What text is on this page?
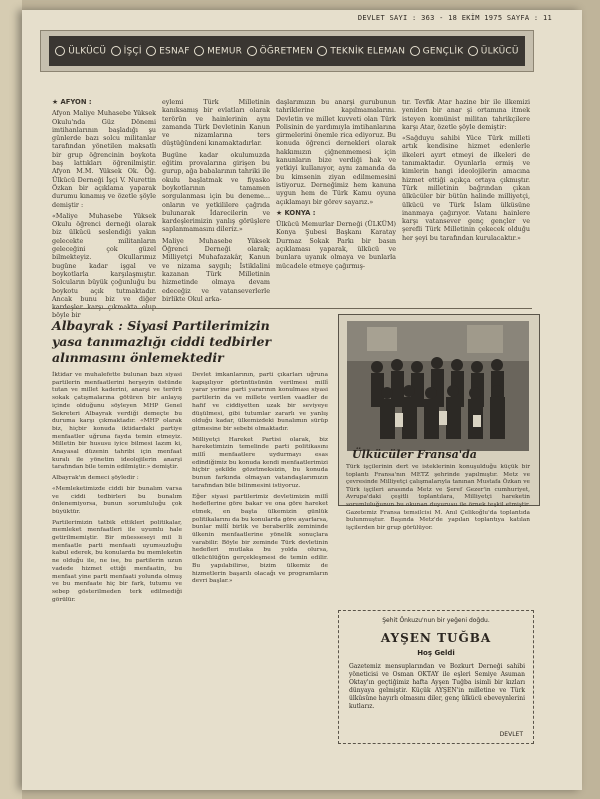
DEVLET SAYI : 363 - 18 EKİM 1975 SAYFA : 11
ÜLKÜCÜ	İŞÇİ	ESNAF	MEMUR	ÖĞRETMEN	TEKNİK ELEMAN	GENÇLİK	ÜLKÜCÜ
★ AFYON :

Afyon Maliye Muhasebe Yüksek Okulu'nda Güz Dönemi imtihanlarının başladığı şu günlerde bazı solcu militanlar tarafından yönetilen maksatlı bir grup öğrencinin boykota baş lattıkları öğrenilmiştir. Afyon M.M. Yüksek Ok. Öğ. Ülkücü Derneği İşçi V. Nurettin Özkan bir açıklama yaparak durumu kınamış ve özetle şöyle demiştir :

«Maliye Muhasebe Yüksek Okulu öğrenci derneği olarak biz ülkücü seslendiği yakın gelecekte militanların geleceğini çok güzel bilmekteyiz. Okullarımız bugüne kadar işgal ve boykotlarla karşılaşmıştır. Solcuların büyük çoğunluğu bu boykotu açık tutmaktadır. Ancak bunu biz ve diğer böyle bir

eylemi Türk Milletinin kanıksamış bir evlatları olarak terörün ve hainlerinin aynı zamanda Türk Devletinin Kanun ve nizamlarına ters düştüğündeni kınamaktadırlar.

Bugüne kadar okulumuzda eğitim provalarına girişen bu gurup, ağa babalarının tahriki ile okulu başlatmak ve fiyasko boykotlarının tamamen sorgulanması için bu deneme... onların ve yetkililere çağrıda bulunarak İdarecilerin ve kardeşlerimizin yanlış görüşlere saplanmamasını dileriz.»

Maliye Muhasebe Yüksek Öğrenci Derneği olarak; Milliyetçi Muhafazakâr, Kanun ve nizama saygılı; İstiklalini kazanan Türk Milletinin hizmetinde olmaya devam edeceğiz ve vatanseverlerle birlikte Okul arka-

daşlarımızın bu anarşi gurubunun tahriklerine kapılmamalarını. Devletin ve millet kuvveti olan Türk Polisinin de yardımıyla imtihanlarına girmelerini önemle rica ediyoruz. Bu konuda öğrenci dernekleri olarak hakkımızın çiğnenmemesi için kanunların bize verdiği hak ve yetkiyi kullanıyor, aynı zamanda da bu kimsenin ziyan edilmemesini istiyoruz. Derneğimiz hem kanuna uygun hem de Türk Kamu oyuna açıklamayı bir görev sayarız.»

★ KONYA :

Ülkücü Memurlar Derneği (ÜLKÜM) Konya Şubesi Başkanı Karatay Durmaz Sokak Parkı bir basın açıklaması yaparak, ülkücü ve bunlara uyanık olmaya ve bunlarla mücadele etmeye çağırmış-

tır. Tevfik Atar hazine bir ile ilkemizi yeniden bir anar şi ortamına itmek isteyen komünist militan tahrikçilere karşı Atar, özetle şöyle demiştir:

«Sağduyu sahibi Yüce Türk milleti artık kendisine hizmet edenlerle ilkeleri ayırt etmeyi de ilkeleri de tanımaktadır. Oyunlarla ermiş ve kimlerin hangi ideolojilerin amacına hizmet ettiği açıkça ortaya çıkmıştır. Türk milletinin bağrından çıkan ülkücüler bir bütün halinde milliyetçi, ülkücü ve Türk İslam ülküsüne inanmaya çağırıyor. Vatanı hainlere karşı vatansever genç gençler ve şerefli Türk Milletinin çekecek olduğu her şeyi bu tarafından kurulacaktır.»

Albayrak : Siyasi Partilerimizin yasa tanımazlığı ciddi tedbirler alınmasını önlemektedir

İktidar ve muhalefette bulunan bazı siyasi partilerin menfaatlerini herşeyin üstünde tutan ve millet kaderini, anarşi ve terörü sokak çatışmalarına götüren bir anlayış içinde olduğunu söyleyen MHP Genel Sekreteri Albayrak verdiği demeçte bu duruma karşı çıkmaktadır. «MHP olarak biz, hiçbir konuda iktidardaki partiye menfaatler uğruna fayda temin etmeyiz. Milletin bir hususu iyice bilmesi lazım ki, Anayasal düzenin tahribi için menfaat kuralı ile yönetim ideolojilerin anarşi tarafından bile temin edilmiştir.» demiştir.

Albayrak'ın demeci şöyledir :

«Memleketimizde ciddi bir bunalım varsa ve ciddi tedbirleri bu bunalım önlenemiyorsa, bunun sorumluluğu çok büyüktür.

Partilerimizin tatbik ettikleri politikalar, memleket menfaatleri ile uyumlu hale getirilmemiştir. Bir müesseseyi mil li menfaatle parti menfaati uyumsuzluğu kabul ederek, bu konularda bu memleketin ne olduğu ile, ne ise, bu partilerin uzun vadede hizmet ettiği menfaatin, bu menfaat yine parti menfaati yolunda olmuş ve bu menfaate hiç bir fark, tutumu ve sebep gösterilmeden terk edilmediği görülür.

Devlet imkanlarının, parti çıkarları uğruna kapışılıyor görüntüsünün verilmesi millî yarar yerine parti yararının konulması siyasi partilerin da ve millete verilen vaadler de hafif ve ciddiyetten uzak bir seviyeye düşülmesi, gibi tutumlar zararlı ve yanlış olduğu kadar, ülkemizdeki bunalımın sürüp gitmesine bir sebebi olmaktadır.

Milliyetçi Hareket Partisi olarak, biz hareketimizin temelinde parti politikasını millî menfaatlere uydurmayı esas edindiğimiz bu konuda kendi menfaatlerimizi hiçbir şekilde gözetmeksizin, bu konuda bunun farkında olmayan vatandaşlarımızın tarafından bile bilinmesini istiyoruz.

Eğer siyasi partilerimiz devletimizin millî hedeflerine göre bakar ve ona göre hareket etmek, en başta ülkemizin günlük politikalarını da bu konularda göre ayarlarsa, bunlar millî birlik ve beraberlik zemininde ülkenin menfaatlerine yönelik sonuçlara varabilir. Böyle bir zeminde Türk devletinin hedefleri mutlaka bu yolda olursa, ülkücülüğün gerçekleşmesi de temin edilir. Bu yapılabilirse, bizim ülkemiz de hizmetlerin başarılı olacağı ve programların devri başlar.»

Ülkücüler Fransa'da
Türk işçilerinin dert ve isteklerinin konuşulduğu küçük bir toplantı Fransa'nın METZ şehrinde yapılmıştır. Metz ve çevresinde Milliyetçi çalışmalarıyla tanınan Mustafa Özkan ve Türk işçileri arasında Metz ve Şeref Gezer'in cumhuriyet, Avrupa'daki çeşitli toplantılara, Milliyetçi hareketin sorumluluğunun bu okunan duyurusu ile örnek teşkil etmiştir. Gazetemiz Fransa temsilcisi M. Anıl Çelikoğlu'da toplantıda bulunmuştur. Başında Metz'de yapılan toplantıya katılan işçilerden bir grup görülüyor.
Şehit Önkuzu'nun bir yeğeni doğdu.
AYŞEN TUĞBA
Hoş Geldi
Gazetemiz mensuplarından ve Bozkurt Derneği sahibi yöneticisi ve Osman OKTAY ile eşleri Semiye Asuman Oktay'ın geçtiğimiz hafta Ayşen Tuğba isimli bir kızları dünyaya gelmiştir. Küçük AYŞEN'in milletine ve Türk ülküsüne hayırlı olmasını diler, genç ülkücü ebeveynlerini kutlarız.
DEVLET
